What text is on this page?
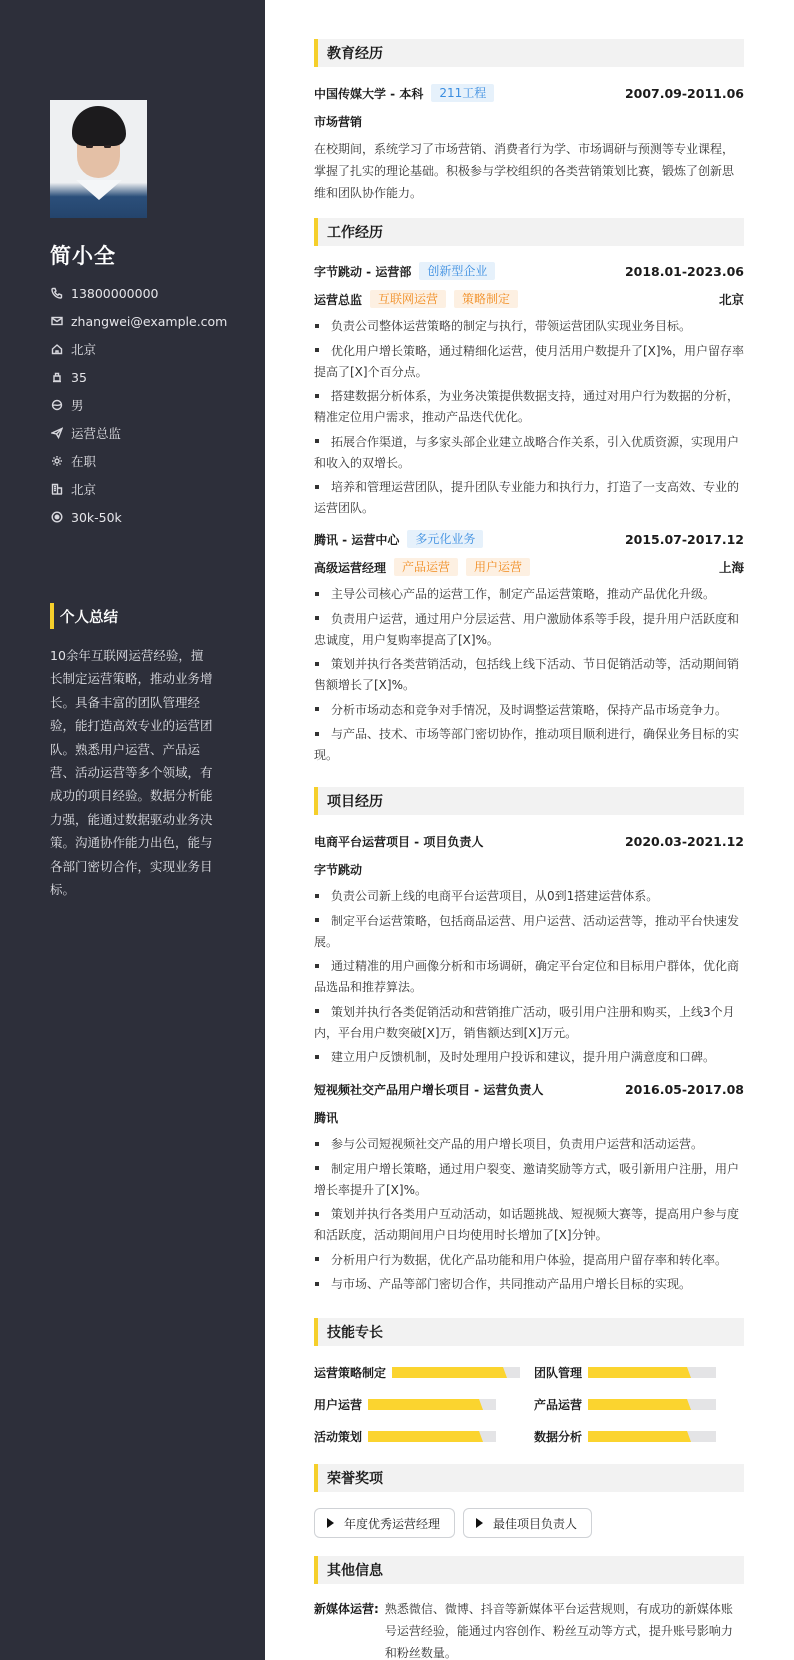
简小全
13800000000
zhangwei@example.com
北京
35
男
运营总监
在职
北京
30k-50k
个人总结

10余年互联网运营经验，擅长制定运营策略，推动业务增长。具备丰富的团队管理经验，能打造高效专业的运营团队。熟悉用户运营、产品运营、活动运营等多个领域，有成功的项目经验。数据分析能力强，能通过数据驱动业务决策。沟通协作能力出色，能与各部门密切合作，实现业务目标。

教育经历
中国传媒大学 - 本科	211工程	2007.09-2011.06
市场营销

在校期间，系统学习了市场营销、消费者行为学、市场调研与预测等专业课程，掌握了扎实的理论基础。积极参与学校组织的各类营销策划比赛，锻炼了创新思维和团队协作能力。

工作经历
字节跳动 - 运营部	创新型企业	2018.01-2023.06
运营总监	互联网运营	策略制定	北京
负责公司整体运营策略的制定与执行，带领运营团队实现业务目标。
优化用户增长策略，通过精细化运营，使月活用户数提升了[X]%，用户留存率提高了[X]个百分点。
搭建数据分析体系，为业务决策提供数据支持，通过对用户行为数据的分析，精准定位用户需求，推动产品迭代优化。
拓展合作渠道，与多家头部企业建立战略合作关系，引入优质资源，实现用户和收入的双增长。
培养和管理运营团队，提升团队专业能力和执行力，打造了一支高效、专业的运营团队。
腾讯 - 运营中心	多元化业务	2015.07-2017.12
高级运营经理	产品运营	用户运营	上海
主导公司核心产品的运营工作，制定产品运营策略，推动产品优化升级。
负责用户运营，通过用户分层运营、用户激励体系等手段，提升用户活跃度和忠诚度，用户复购率提高了[X]%。
策划并执行各类营销活动，包括线上线下活动、节日促销活动等，活动期间销售额增长了[X]%。
分析市场动态和竞争对手情况，及时调整运营策略，保持产品市场竞争力。
与产品、技术、市场等部门密切协作，推动项目顺利进行，确保业务目标的实现。
项目经历
电商平台运营项目 - 项目负责人	2020.03-2021.12
字节跳动
负责公司新上线的电商平台运营项目，从0到1搭建运营体系。
制定平台运营策略，包括商品运营、用户运营、活动运营等，推动平台快速发展。
通过精准的用户画像分析和市场调研，确定平台定位和目标用户群体，优化商品选品和推荐算法。
策划并执行各类促销活动和营销推广活动，吸引用户注册和购买，上线3个月内，平台用户数突破[X]万，销售额达到[X]万元。
建立用户反馈机制，及时处理用户投诉和建议，提升用户满意度和口碑。
短视频社交产品用户增长项目 - 运营负责人	2016.05-2017.08
腾讯
参与公司短视频社交产品的用户增长项目，负责用户运营和活动运营。
制定用户增长策略，通过用户裂变、邀请奖励等方式，吸引新用户注册，用户增长率提升了[X]%。
策划并执行各类用户互动活动，如话题挑战、短视频大赛等，提高用户参与度和活跃度，活动期间用户日均使用时长增加了[X]分钟。
分析用户行为数据，优化产品功能和用户体验，提高用户留存率和转化率。
与市场、产品等部门密切合作，共同推动产品用户增长目标的实现。
技能专长
运营策略制定	团队管理
用户运营	产品运营
活动策划	数据分析
荣誉奖项
年度优秀运营经理	最佳项目负责人
其他信息
新媒体运营: 熟悉微信、微博、抖音等新媒体平台运营规则，有成功的新媒体账号运营经验，能通过内容创作、粉丝互动等方式，提升账号影响力和粉丝数量。
